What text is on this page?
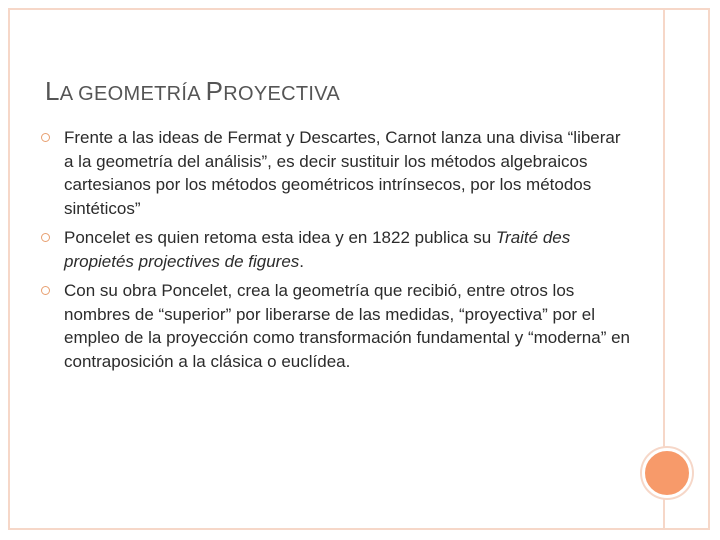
LA GEOMETRÍA PROYECTIVA
Frente a las ideas de Fermat y Descartes, Carnot lanza una divisa “liberar a la geometría del análisis”, es decir sustituir los métodos algebraicos cartesianos por los métodos geométricos intrínsecos, por los métodos sintéticos”
Poncelet es quien retoma esta idea y en 1822 publica su Traité des propietés projectives de figures.
Con su obra Poncelet, crea la geometría que recibió, entre otros los nombres de “superior” por liberarse de las medidas, “proyectiva” por el empleo de la proyección como transformación fundamental y “moderna” en contraposición a la clásica o euclídea.
